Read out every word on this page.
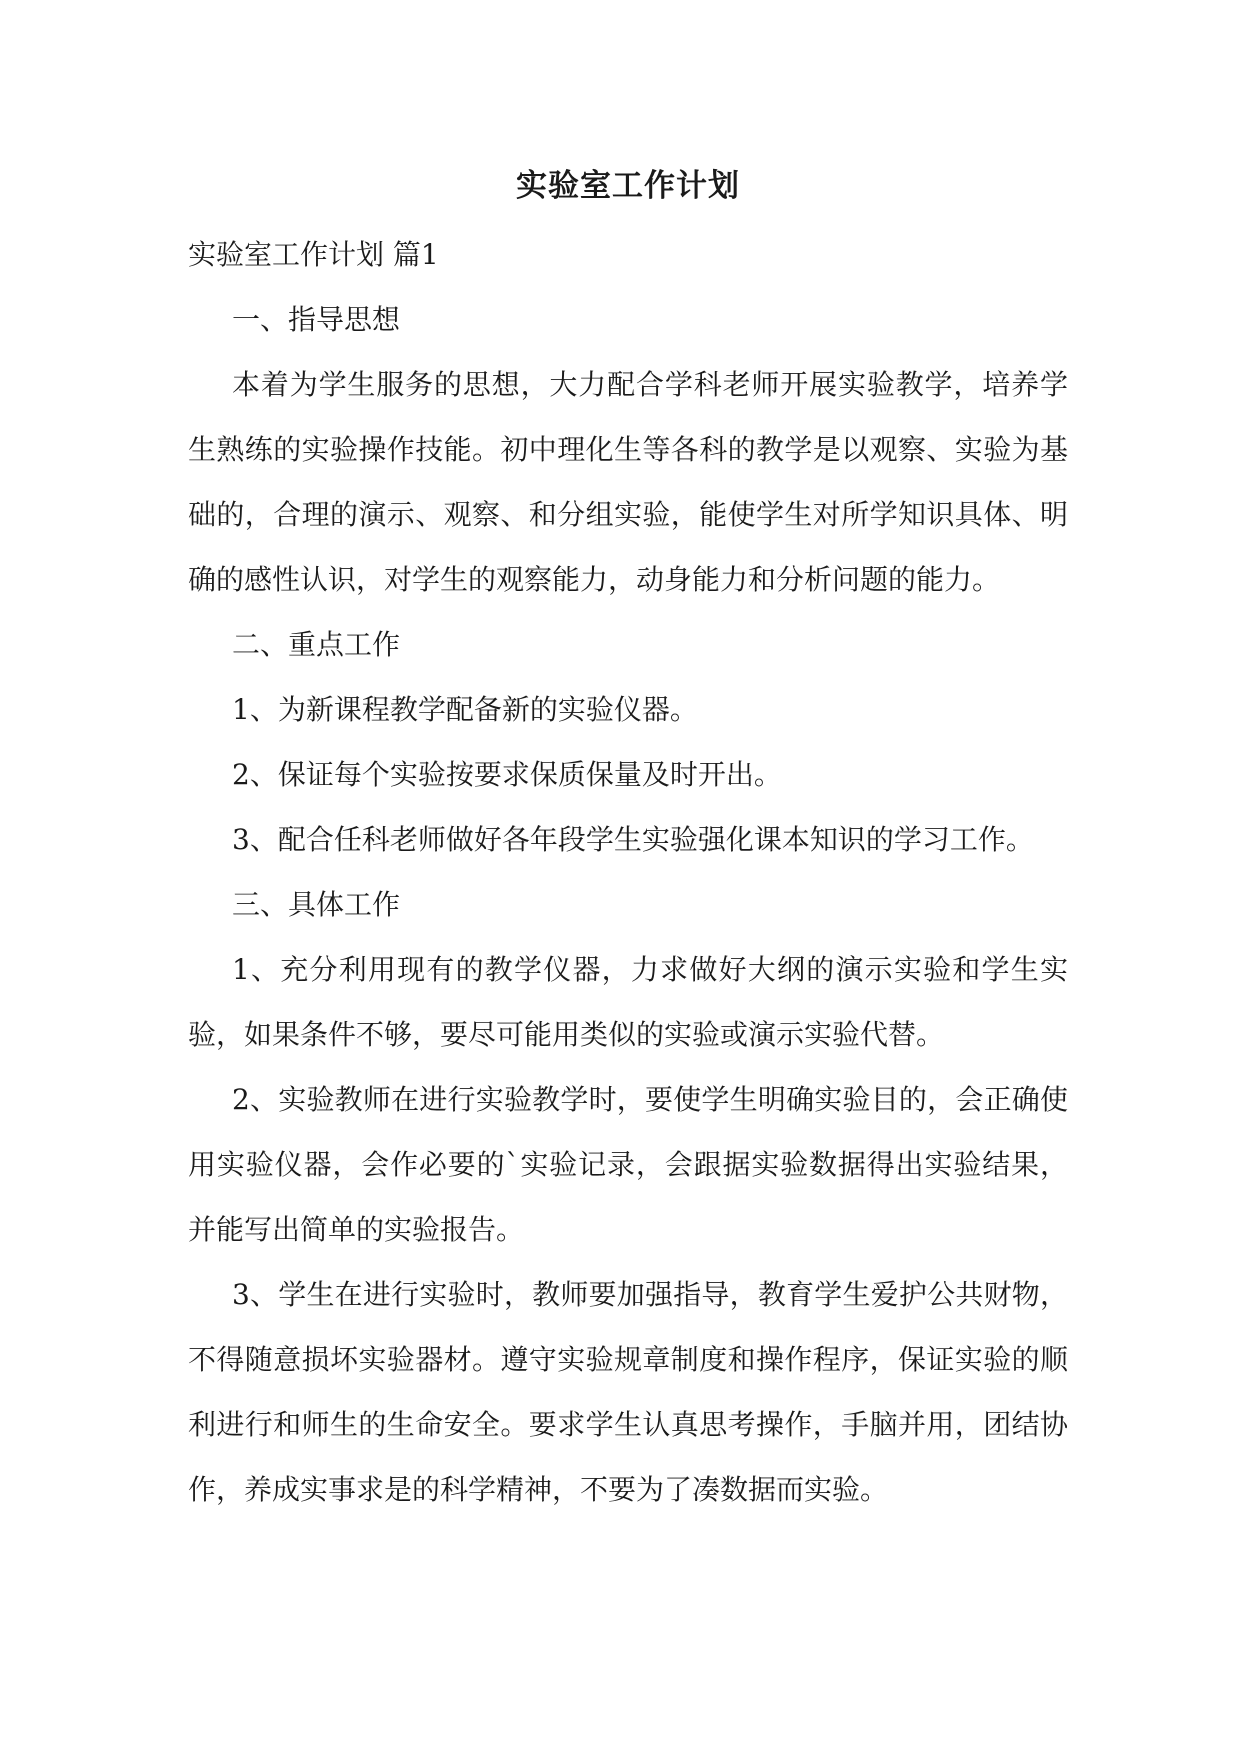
实验室工作计划

实验室工作计划 篇1

一、指导思想

本着为学生服务的思想，大力配合学科老师开展实验教学，培养学生熟练的实验操作技能。初中理化生等各科的教学是以观察、实验为基础的，合理的演示、观察、和分组实验，能使学生对所学知识具体、明确的感性认识，对学生的观察能力，动身能力和分析问题的能力。

二、重点工作

1、为新课程教学配备新的实验仪器。

2、保证每个实验按要求保质保量及时开出。

3、配合任科老师做好各年段学生实验强化课本知识的学习工作。

三、具体工作

1、充分利用现有的教学仪器，力求做好大纲的演示实验和学生实验，如果条件不够，要尽可能用类似的实验或演示实验代替。

2、实验教师在进行实验教学时，要使学生明确实验目的，会正确使用实验仪器，会作必要的`实验记录，会跟据实验数据得出实验结果，并能写出简单的实验报告。

3、学生在进行实验时，教师要加强指导，教育学生爱护公共财物，不得随意损坏实验器材。遵守实验规章制度和操作程序，保证实验的顺利进行和师生的生命安全。要求学生认真思考操作，手脑并用，团结协作，养成实事求是的科学精神，不要为了凑数据而实验。
